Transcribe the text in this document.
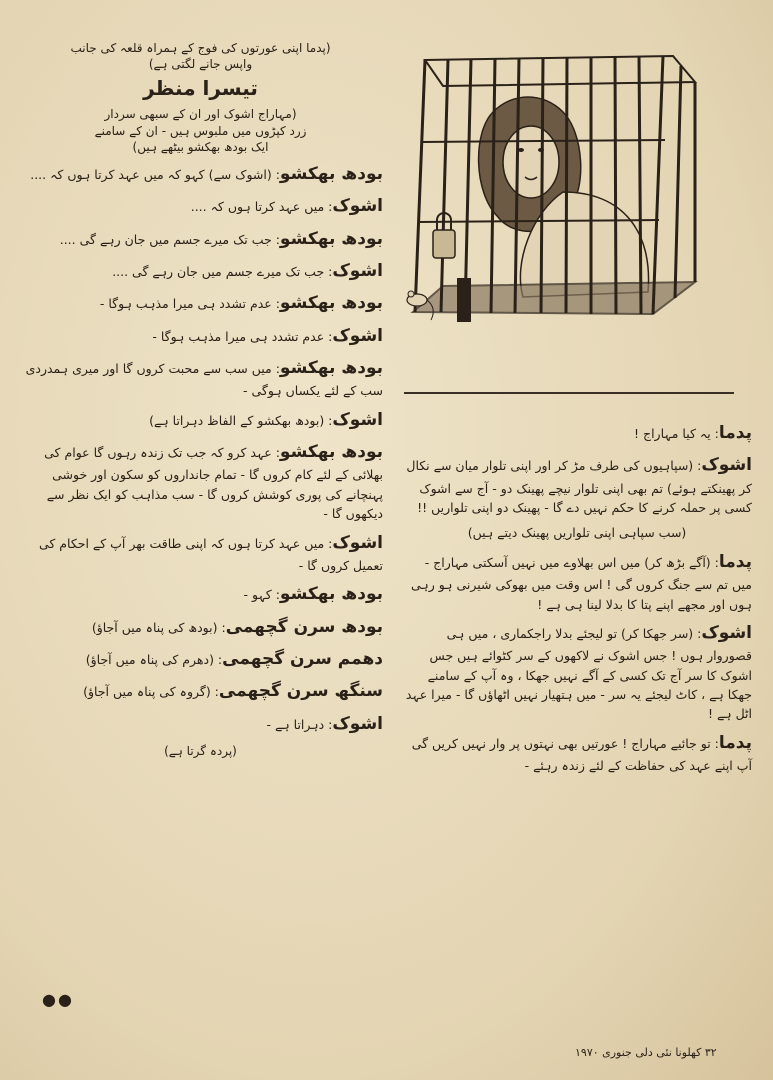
(پدما اپنی عورتوں کی فوج کے ہمراہ قلعہ کی جانب

واپس جانے لگتی ہے)

تیسرا منظر

(مہاراج اشوک اور ان کے سبھی سردار

زرد کپڑوں میں ملبوس ہیں - ان کے سامنے

ایک بودھ بھکشو بیٹھے ہیں)

بودھ بھکشو: (اشوک سے) کہو کہ میں عہد کرتا ہوں کہ ....

اشوک: میں عہد کرتا ہوں کہ ....

بودھ بھکشو: جب تک میرے جسم میں جان رہے گی ....

اشوک: جب تک میرے جسم میں جان رہے گی ....

بودھ بھکشو: عدم تشدد ہی میرا مذہب ہوگا -

اشوک: عدم تشدد ہی میرا مذہب ہوگا -

بودھ بھکشو: میں سب سے محبت کروں گا اور میری ہمدردی سب کے لئے یکساں ہوگی -

اشوک: (بودھ بھکشو کے الفاظ دہراتا ہے)

بودھ بھکشو: عہد کرو کہ جب تک زندہ رہوں گا عوام کی بھلائی کے لئے کام کروں گا - تمام جانداروں کو سکون اور خوشی پہنچانے کی پوری کوشش کروں گا - سب مذاہب کو ایک نظر سے دیکھوں گا -

اشوک: میں عہد کرتا ہوں کہ اپنی طاقت بھر آپ کے احکام کی تعمیل کروں گا -

بودھ بھکشو: کہو -

بودھ سرن گچھمی: (بودھ کی پناہ میں آجاؤ)

دھمم سرن گچھمی: (دھرم کی پناہ میں آجاؤ)

سنگھ سرن گچھمی: (گروہ کی پناہ میں آجاؤ)

اشوک: دہراتا ہے -

(پردہ گرتا ہے)

پدما: یہ کیا مہاراج !

اشوک: (سپاہیوں کی طرف مڑ کر اور اپنی تلوار میان سے نکال کر پھینکتے ہوئے) تم بھی اپنی تلوار نیچے پھینک دو - آج سے اشوک کسی پر حملہ کرنے کا حکم نہیں دے گا - پھینک دو اپنی تلواریں !!

(سب سپاہی اپنی تلواریں پھینک دیتے ہیں)

پدما: (آگے بڑھ کر) میں اس بھلاوے میں نہیں آسکتی مہاراج - میں تم سے جنگ کروں گی ! اس وقت میں بھوکی شیرنی ہو رہی ہوں اور مجھے اپنے پتا کا بدلا لینا ہی ہے !

اشوک: (سر جھکا کر) تو لیجئے بدلا راجکماری ، میں ہی قصوروار ہوں ! جس اشوک نے لاکھوں کے سر کٹوائے ہیں جس اشوک کا سر آج تک کسی کے آگے نہیں جھکا ، وہ آپ کے سامنے جھکا ہے ، کاٹ لیجئے یہ سر - میں ہتھیار نہیں اٹھاؤں گا - میرا عہد اٹل ہے !

پدما: تو جائیے مہاراج ! عورتیں بھی نہتوں پر وار نہیں کریں گی آپ اپنے عہد کی حفاظت کے لئے زندہ رہئے -

●●
۳۲ کھلونا نئی دلی جنوری ۱۹۷۰
